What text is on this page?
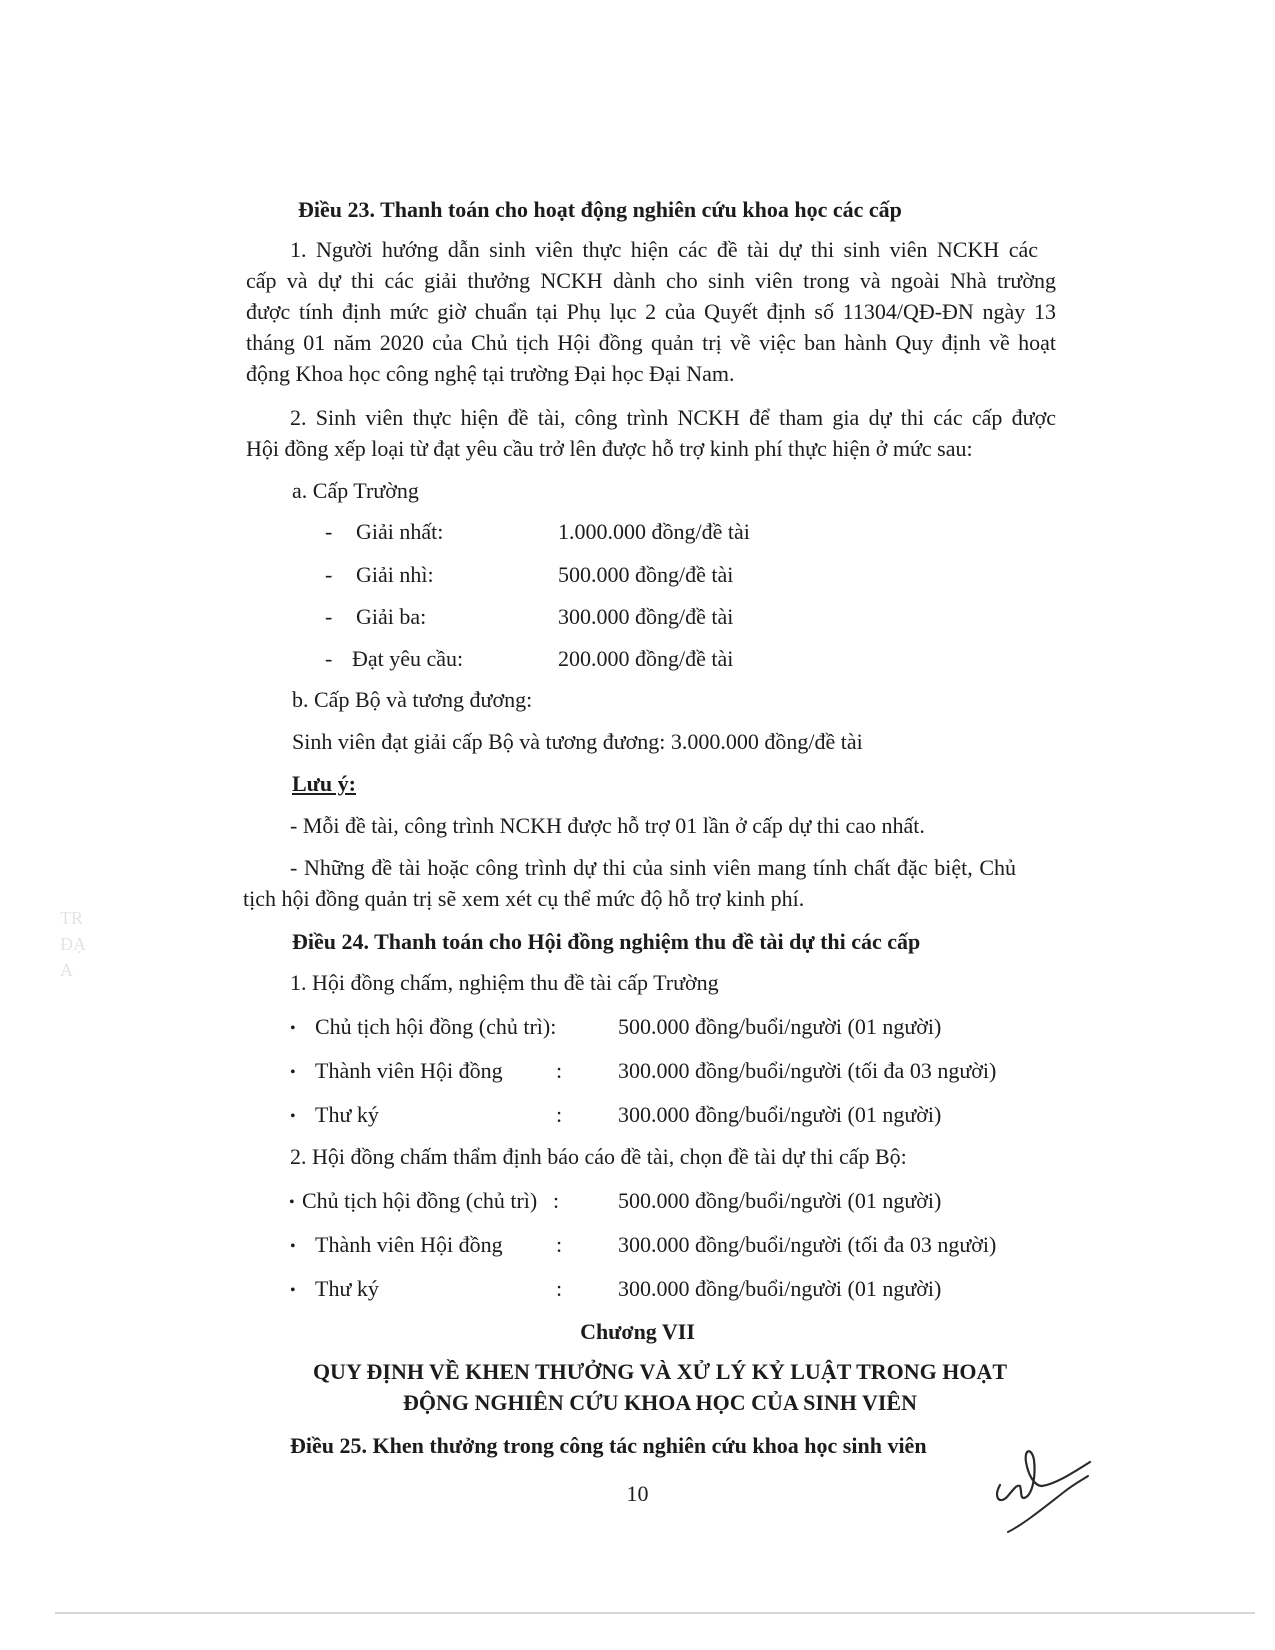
TR
ĐẠ
A
Điều 23. Thanh toán cho hoạt động nghiên cứu khoa học các cấp
1. Người hướng dẫn sinh viên thực hiện các đề tài dự thi sinh viên NCKH các
cấp và dự thi các giải thưởng NCKH dành cho sinh viên trong và ngoài Nhà trường
được tính định mức giờ chuẩn tại Phụ lục 2 của Quyết định số 11304/QĐ-ĐN ngày 13
tháng 01 năm 2020 của Chủ tịch Hội đồng quản trị về việc ban hành Quy định về hoạt
động Khoa học công nghệ tại trường Đại học Đại Nam.
2. Sinh viên thực hiện đề tài, công trình NCKH để tham gia dự thi các cấp được
Hội đồng xếp loại từ đạt yêu cầu trở lên được hỗ trợ kinh phí thực hiện ở mức sau:
a. Cấp Trường
- Giải nhất:	1.000.000 đồng/đề tài
- Giải nhì:	500.000 đồng/đề tài
- Giải ba:	300.000 đồng/đề tài
- Đạt yêu cầu:	200.000 đồng/đề tài
b. Cấp Bộ và tương đương:
Sinh viên đạt giải cấp Bộ và tương đương: 3.000.000 đồng/đề tài
Lưu ý:
- Mỗi đề tài, công trình NCKH được hỗ trợ 01 lần ở cấp dự thi cao nhất.
- Những đề tài hoặc công trình dự thi của sinh viên mang tính chất đặc biệt, Chủ
tịch hội đồng quản trị sẽ xem xét cụ thể mức độ hỗ trợ kinh phí.
Điều 24. Thanh toán cho Hội đồng nghiệm thu đề tài dự thi các cấp
1. Hội đồng chấm, nghiệm thu đề tài cấp Trường
• Chủ tịch hội đồng (chủ trì):	500.000 đồng/buổi/người (01 người)
• Thành viên Hội đồng :	300.000 đồng/buổi/người (tối đa 03 người)
• Thư ký	:	300.000 đồng/buổi/người (01 người)
2. Hội đồng chấm thẩm định báo cáo đề tài, chọn đề tài dự thi cấp Bộ:
• Chủ tịch hội đồng (chủ trì) :	500.000 đồng/buổi/người (01 người)
• Thành viên Hội đồng :	300.000 đồng/buổi/người (tối đa 03 người)
• Thư ký	:	300.000 đồng/buổi/người (01 người)
Chương VII
QUY ĐỊNH VỀ KHEN THƯỞNG VÀ XỬ LÝ KỶ LUẬT TRONG HOẠT
ĐỘNG NGHIÊN CỨU KHOA HỌC CỦA SINH VIÊN
Điều 25. Khen thưởng trong công tác nghiên cứu khoa học sinh viên
10
